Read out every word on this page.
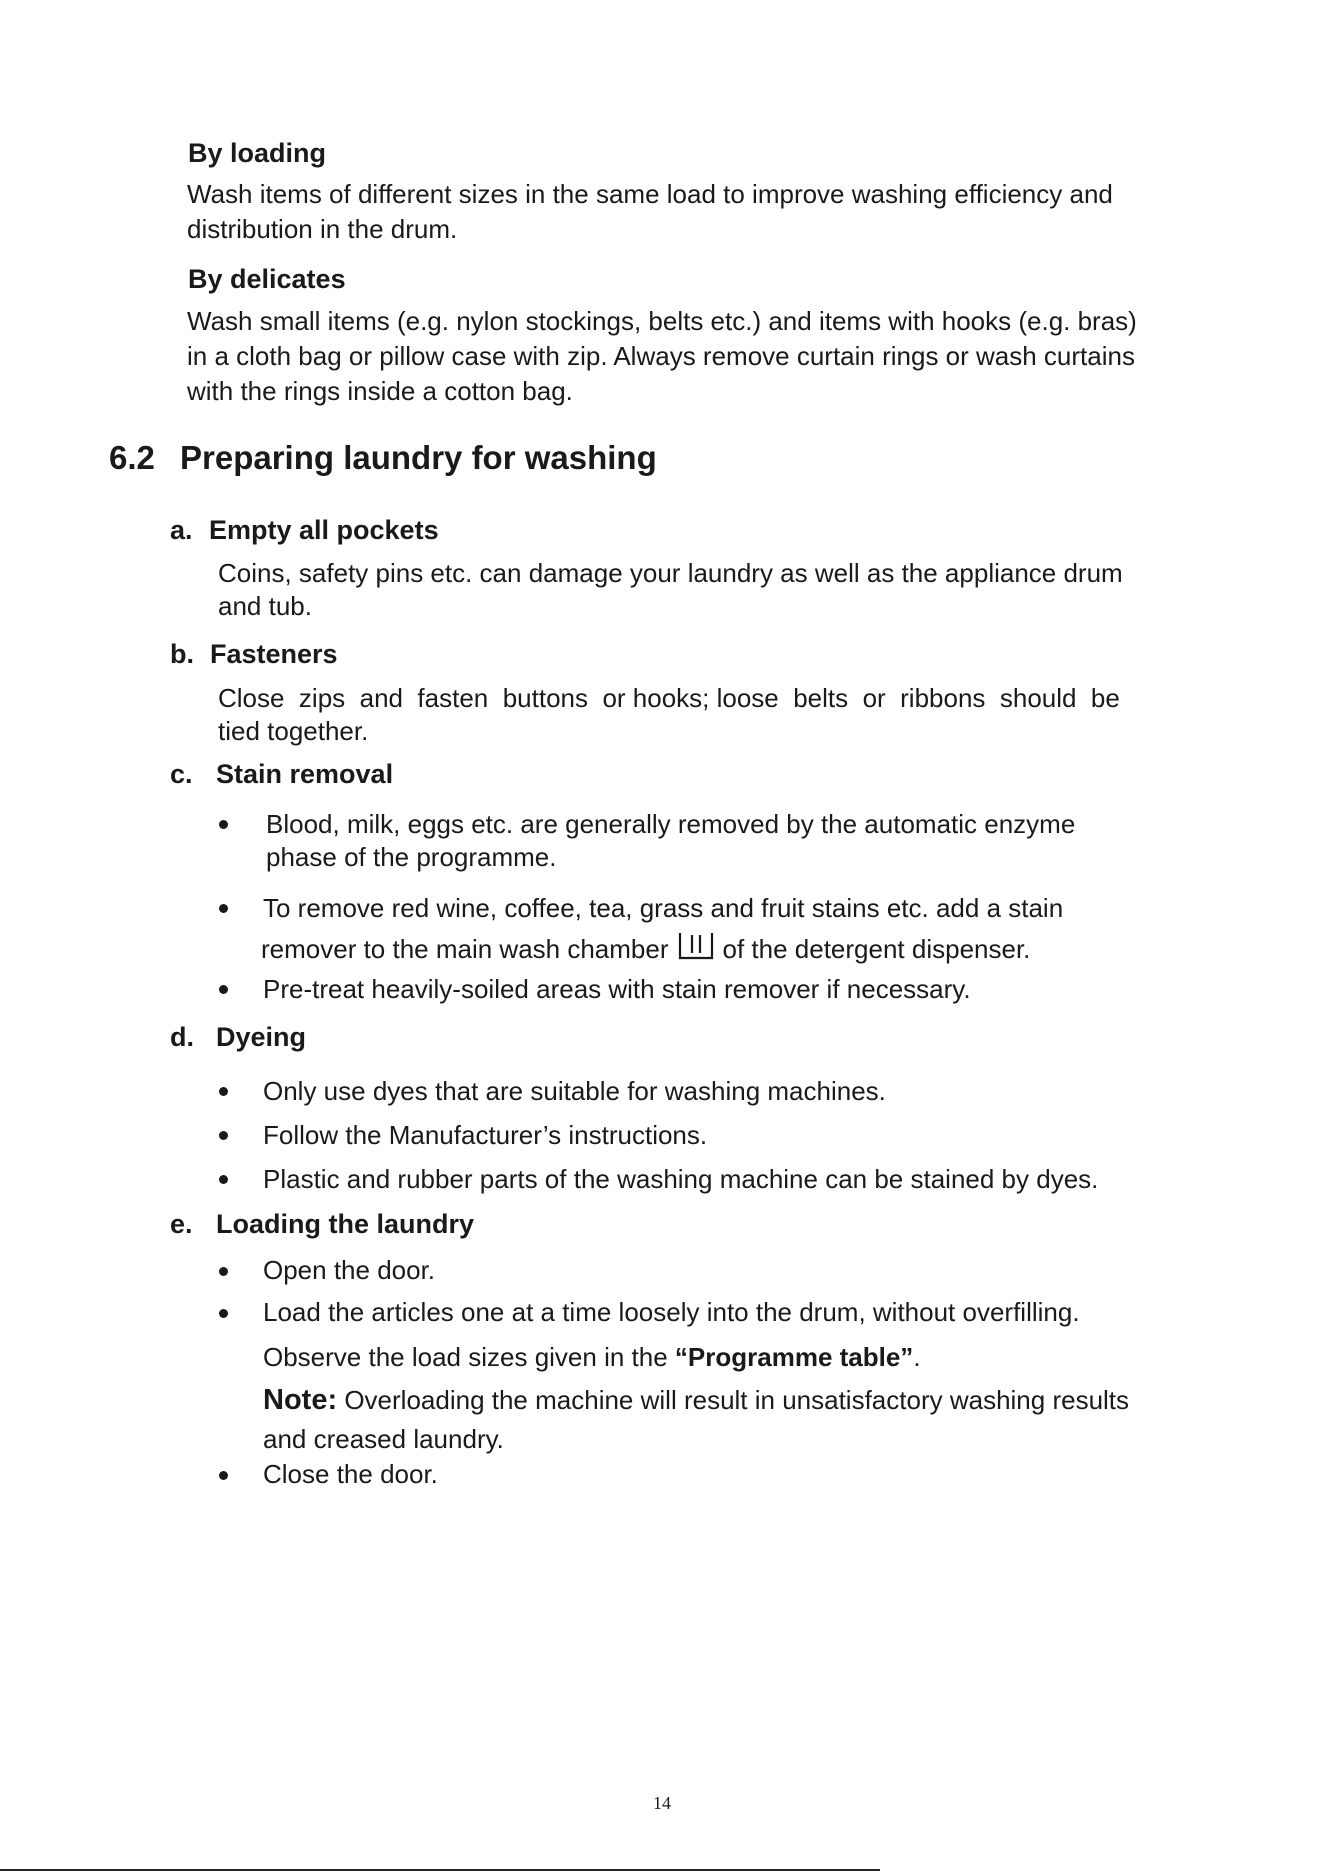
By loading
Wash items of different sizes in the same load to improve washing efficiency and
distribution in the drum.
By delicates
Wash small items (e.g. nylon stockings, belts etc.) and items with hooks (e.g. bras)
in a cloth bag or pillow case with zip. Always remove curtain rings or wash curtains
with the rings inside a cotton bag.
6.2 Preparing laundry for washing
a. Empty all pockets
Coins, safety pins etc. can damage your laundry as well as the appliance drum
and tub.
b. Fasteners
Close  zips  and  fasten  buttons  or hooks; loose  belts  or  ribbons  should  be
tied together.
c. Stain removal
Blood, milk, eggs etc. are generally removed by the automatic enzyme
phase of the programme.
To remove red wine, coffee, tea, grass and fruit stains etc. add a stain
remover to the main wash chamber of the detergent dispenser.
Pre-treat heavily-soiled areas with stain remover if necessary.
d. Dyeing
Only use dyes that are suitable for washing machines.
Follow the Manufacturer’s instructions.
Plastic and rubber parts of the washing machine can be stained by dyes.
e. Loading the laundry
Open the door.
Load the articles one at a time loosely into the drum, without overfilling.
Observe the load sizes given in the “Programme table”.
Note: Overloading the machine will result in unsatisfactory washing results
and creased laundry.
Close the door.
14
